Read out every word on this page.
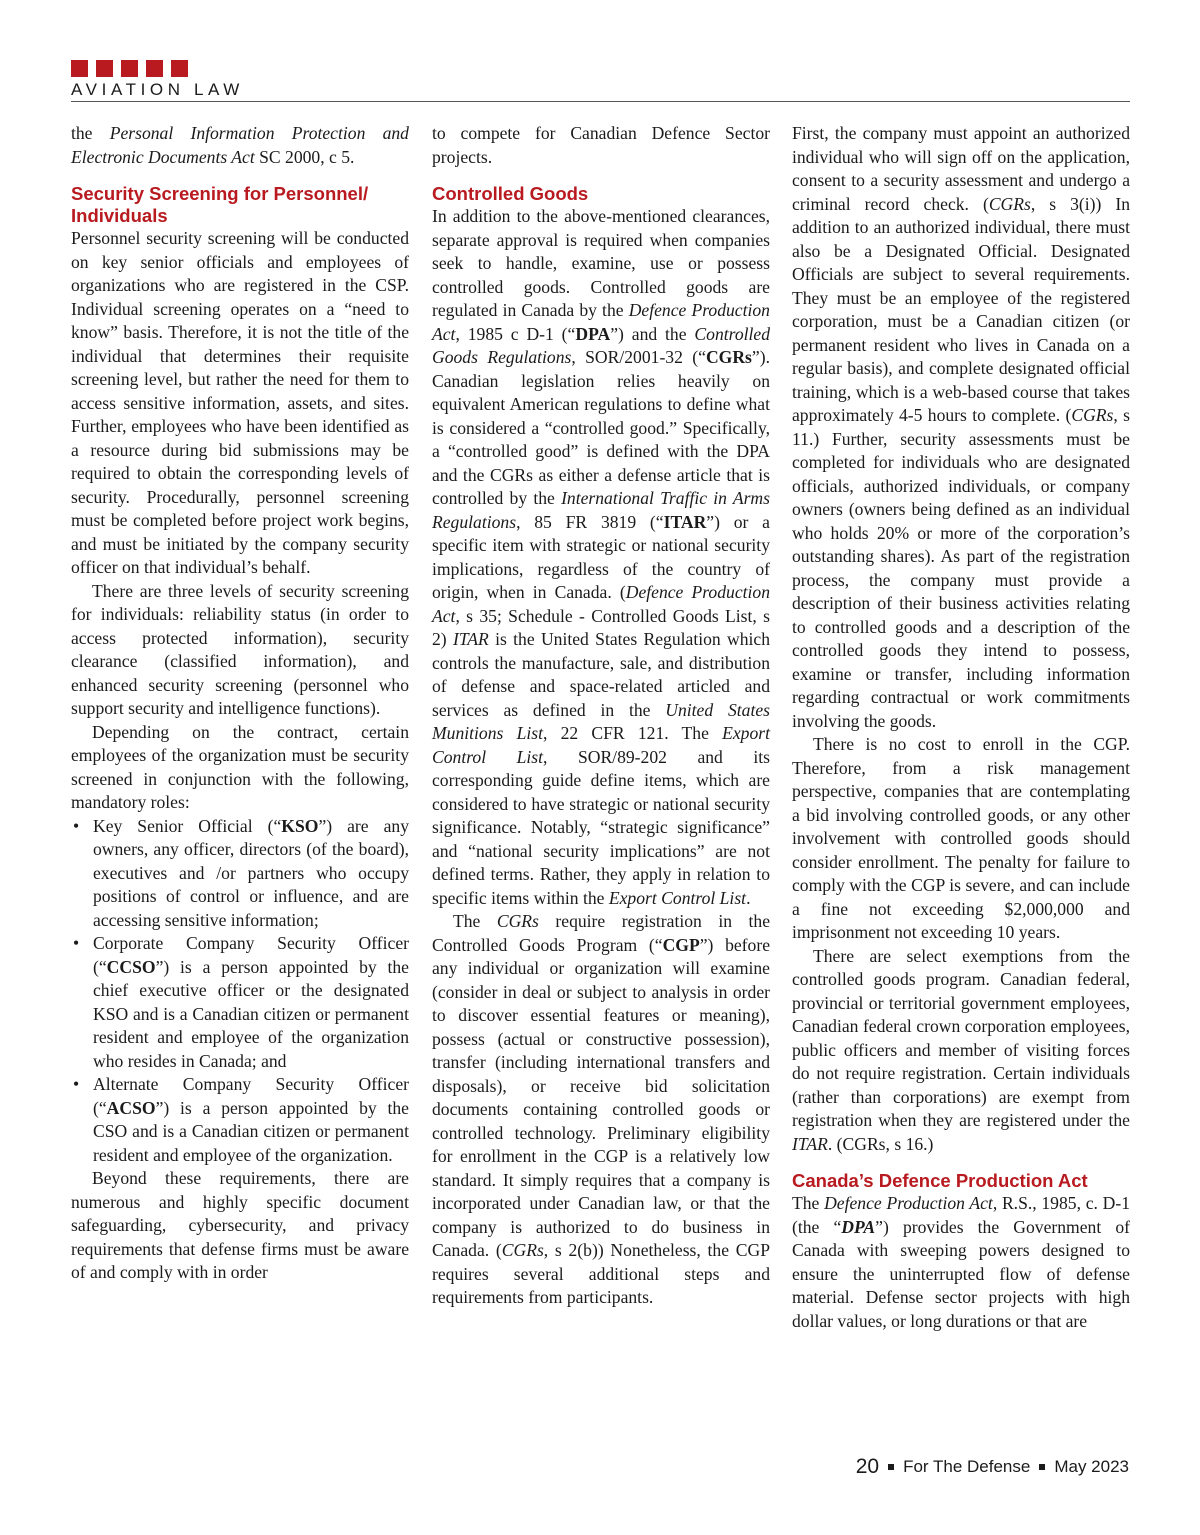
AVIATION LAW

the Personal Information Protection and Electronic Documents Act SC 2000, c 5.

Security Screening for Personnel/ Individuals

Personnel security screening will be conducted on key senior officials and employees of organizations who are registered in the CSP. Individual screening operates on a “need to know” basis. Therefore, it is not the title of the individual that determines their requisite screening level, but rather the need for them to access sensitive information, assets, and sites. Further, employees who have been identified as a resource during bid submissions may be required to obtain the corresponding levels of security. Procedurally, personnel screening must be completed before project work begins, and must be initiated by the company security officer on that individual’s behalf.

There are three levels of security screening for individuals: reliability status (in order to access protected information), security clearance (classified information), and enhanced security screening (personnel who support security and intelligence functions).

Depending on the contract, certain employees of the organization must be security screened in conjunction with the following, mandatory roles:

• Key Senior Official (“KSO”) are any owners, any officer, directors (of the board), executives and /or partners who occupy positions of control or influence, and are accessing sensitive information;
• Corporate Company Security Officer (“CCSO”) is a person appointed by the chief executive officer or the designated KSO and is a Canadian citizen or permanent resident and employee of the organization who resides in Canada; and
• Alternate Company Security Officer (“ACSO”) is a person appointed by the CSO and is a Canadian citizen or permanent resident and employee of the organization.

Beyond these requirements, there are numerous and highly specific document safeguarding, cybersecurity, and privacy requirements that defense firms must be aware of and comply with in order

to compete for Canadian Defence Sector projects.

Controlled Goods

In addition to the above-mentioned clearances, separate approval is required when companies seek to handle, examine, use or possess controlled goods. Controlled goods are regulated in Canada by the Defence Production Act, 1985 c D-1 (“DPA”) and the Controlled Goods Regulations, SOR/2001-32 (“CGRs”). Canadian legislation relies heavily on equivalent American regulations to define what is considered a “controlled good.” Specifically, a “controlled good” is defined with the DPA and the CGRs as either a defense article that is controlled by the International Traffic in Arms Regulations, 85 FR 3819 (“ITAR”) or a specific item with strategic or national security implications, regardless of the country of origin, when in Canada. (Defence Production Act, s 35; Schedule - Controlled Goods List, s 2) ITAR is the United States Regulation which controls the manufacture, sale, and distribution of defense and space-related articled and services as defined in the United States Munitions List, 22 CFR 121. The Export Control List, SOR/89-202 and its corresponding guide define items, which are considered to have strategic or national security significance. Notably, “strategic significance” and “national security implications” are not defined terms. Rather, they apply in relation to specific items within the Export Control List.

The CGRs require registration in the Controlled Goods Program (“CGP”) before any individual or organization will examine (consider in deal or subject to analysis in order to discover essential features or meaning), possess (actual or constructive possession), transfer (including international transfers and disposals), or receive bid solicitation documents containing controlled goods or controlled technology. Preliminary eligibility for enrollment in the CGP is a relatively low standard. It simply requires that a company is incorporated under Canadian law, or that the company is authorized to do business in Canada. (CGRs, s 2(b)) Nonetheless, the CGP requires several additional steps and requirements from participants.

First, the company must appoint an authorized individual who will sign off on the application, consent to a security assessment and undergo a criminal record check. (CGRs, s 3(i)) In addition to an authorized individual, there must also be a Designated Official. Designated Officials are subject to several requirements. They must be an employee of the registered corporation, must be a Canadian citizen (or permanent resident who lives in Canada on a regular basis), and complete designated official training, which is a web-based course that takes approximately 4-5 hours to complete. (CGRs, s 11.) Further, security assessments must be completed for individuals who are designated officials, authorized individuals, or company owners (owners being defined as an individual who holds 20% or more of the corporation’s outstanding shares). As part of the registration process, the company must provide a description of their business activities relating to controlled goods and a description of the controlled goods they intend to possess, examine or transfer, including information regarding contractual or work commitments involving the goods.

There is no cost to enroll in the CGP. Therefore, from a risk management perspective, companies that are contemplating a bid involving controlled goods, or any other involvement with controlled goods should consider enrollment. The penalty for failure to comply with the CGP is severe, and can include a fine not exceeding $2,000,000 and imprisonment not exceeding 10 years.

There are select exemptions from the controlled goods program. Canadian federal, provincial or territorial government employees, Canadian federal crown corporation employees, public officers and member of visiting forces do not require registration. Certain individuals (rather than corporations) are exempt from registration when they are registered under the ITAR. (CGRs, s 16.)

Canada’s Defence Production Act

The Defence Production Act, R.S., 1985, c. D-1 (the “DPA”) provides the Government of Canada with sweeping powers designed to ensure the uninterrupted flow of defense material. Defense sector projects with high dollar values, or long durations or that are

20 For The Defense May 2023
